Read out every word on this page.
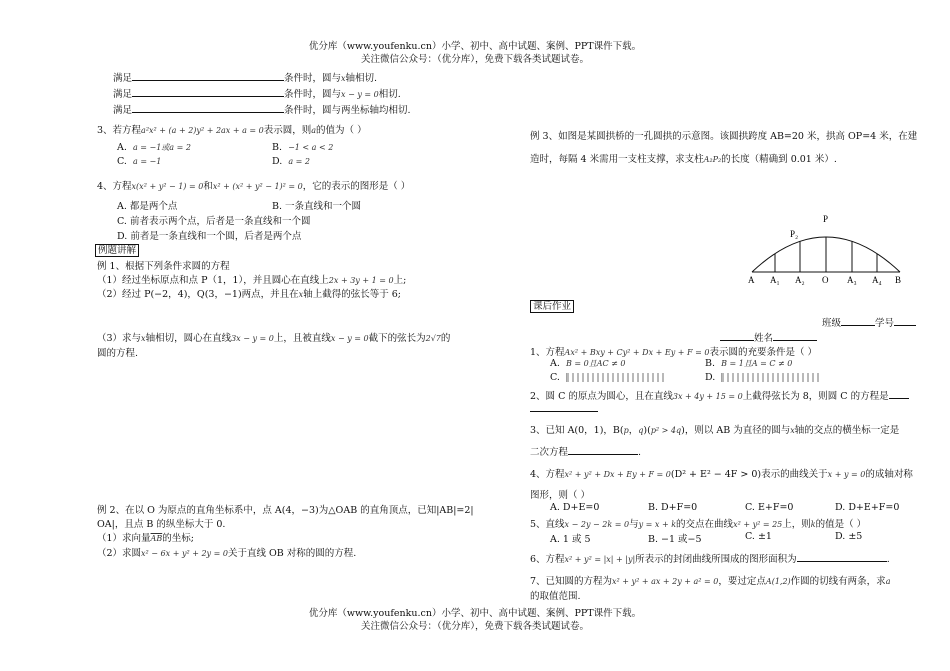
优分库（www.youfenku.cn）小学、初中、高中试题、案例、PPT课件下载。
关注微信公众号：（优分库），免费下载各类试题试卷。
满足	条件时，圆与x轴相切.
满足	条件时，圆与x − y = 0相切.
满足	条件时，圆与两坐标轴均相切.
3、若方程a²x² + (a + 2)y² + 2ax + a = 0表示圆，则a的值为（ ）
A. a = −1或a = 2	B. −1 < a < 2
C. a = −1	D. a = 2
4、方程x(x² + y² − 1) = 0和x² + (x² + y² − 1)² = 0，它的表示的图形是（ ）
A. 都是两个点	B. 一条直线和一个圆
C. 前者表示两个点，后者是一条直线和一个圆
D. 前者是一条直线和一个圆，后者是两个点
例题讲解
例 1、根据下列条件求圆的方程
（1）经过坐标原点和点 P（1，1），并且圆心在直线上2x + 3y + 1 = 0上;
（2）经过 P(−2，4)，Q(3，−1)两点，并且在x轴上截得的弦长等于 6;
（3）求与x轴相切，圆心在直线3x − y = 0上，且被直线x − y = 0截下的弦长为2√7的
圆的方程.
例 2、在以 O 为原点的直角坐标系中，点 A(4，−3)为△OAB 的直角顶点，已知|AB|=2|
OA|，且点 B 的纵坐标大于 0.
（1）求向量$\overline{AB}$的坐标;
（2）求圆x² − 6x + y² + 2y = 0关于直线 OB 对称的圆的方程.
例 3、如图是某圆拱桥的一孔圆拱的示意图。该圆拱跨度 AB=20 米，拱高 OP=4 米，在建
造时，每隔 4 米需用一支柱支撑，求支柱A₂P₂的长度（精确到 0.01 米）.
P
P₂
A A₁ A₂ O A₃ A₄ B
课后作业
班级	学号
姓名
1、方程Ax² + Bxy + Cy² + Dx + Ey + F = 0表示圆的充要条件是（ ）
A. B = 0且AC ≠ 0	B. B = 1且A = C ≠ 0
C.	D.
2、圆 C 的原点为圆心，且在直线3x + 4y + 15 = 0上截得弦长为 8，则圆 C 的方程是
3、已知 A(0，1)，B(p，q)(p² > 4q)，则以 AB 为直径的圆与x轴的交点的横坐标一定是
二次方程	.
4、方程x² + y² + Dx + Ey + F = 0(D² + E² − 4F > 0)表示的曲线关于x + y = 0的成轴对称
图形，则（ ）
A. D+E=0	B. D+F=0	C. E+F=0	D. D+E+F=0
5、直线x − 2y − 2k = 0与y = x + k的交点在曲线x² + y² = 25上，则k的值是（ ）
A. 1 或 5	B. −1 或−5	C. ±1	D. ±5
6、方程x² + y² = |x| + |y|所表示的封闭曲线所围成的图形面积为	.
7、已知圆的方程为x² + y² + ax + 2y + a² = 0，要过定点A(1,2)作圆的切线有两条，求a
的取值范围.
优分库（www.youfenku.cn）小学、初中、高中试题、案例、PPT课件下载。
关注微信公众号：（优分库），免费下载各类试题试卷。
